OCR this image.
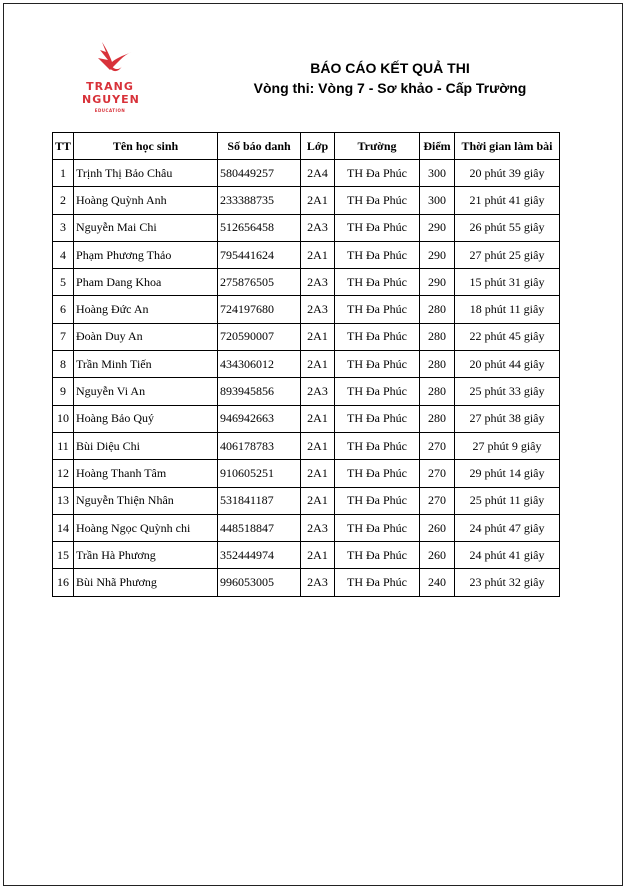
TRANG
NGUYEN
EDUCATION
BÁO CÁO KẾT QUẢ THI
Vòng thi: Vòng 7 - Sơ khảo - Cấp Trường
TT	Tên học sinh	Số báo danh	Lớp	Trường	Điểm	Thời gian làm bài
1	Trịnh Thị Bảo Châu	580449257	2A4	TH Đa Phúc	300	20 phút 39 giây
2	Hoàng Quỳnh Anh	233388735	2A1	TH Đa Phúc	300	21 phút 41 giây
3	Nguyễn Mai Chi	512656458	2A3	TH Đa Phúc	290	26 phút 55 giây
4	Phạm Phương Thảo	795441624	2A1	TH Đa Phúc	290	27 phút 25 giây
5	Pham Dang Khoa	275876505	2A3	TH Đa Phúc	290	15 phút 31 giây
6	Hoàng Đức An	724197680	2A3	TH Đa Phúc	280	18 phút 11 giây
7	Đoàn Duy An	720590007	2A1	TH Đa Phúc	280	22 phút 45 giây
8	Trần Minh Tiến	434306012	2A1	TH Đa Phúc	280	20 phút 44 giây
9	Nguyễn Vi An	893945856	2A3	TH Đa Phúc	280	25 phút 33 giây
10	Hoàng Bảo Quý	946942663	2A1	TH Đa Phúc	280	27 phút 38 giây
11	Bùi Diệu Chi	406178783	2A1	TH Đa Phúc	270	27 phút 9 giây
12	Hoàng Thanh Tâm	910605251	2A1	TH Đa Phúc	270	29 phút 14 giây
13	Nguyễn Thiện Nhân	531841187	2A1	TH Đa Phúc	270	25 phút 11 giây
14	Hoàng Ngọc Quỳnh chi	448518847	2A3	TH Đa Phúc	260	24 phút 47 giây
15	Trần Hà Phương	352444974	2A1	TH Đa Phúc	260	24 phút 41 giây
16	Bùi Nhã Phương	996053005	2A3	TH Đa Phúc	240	23 phút 32 giây
